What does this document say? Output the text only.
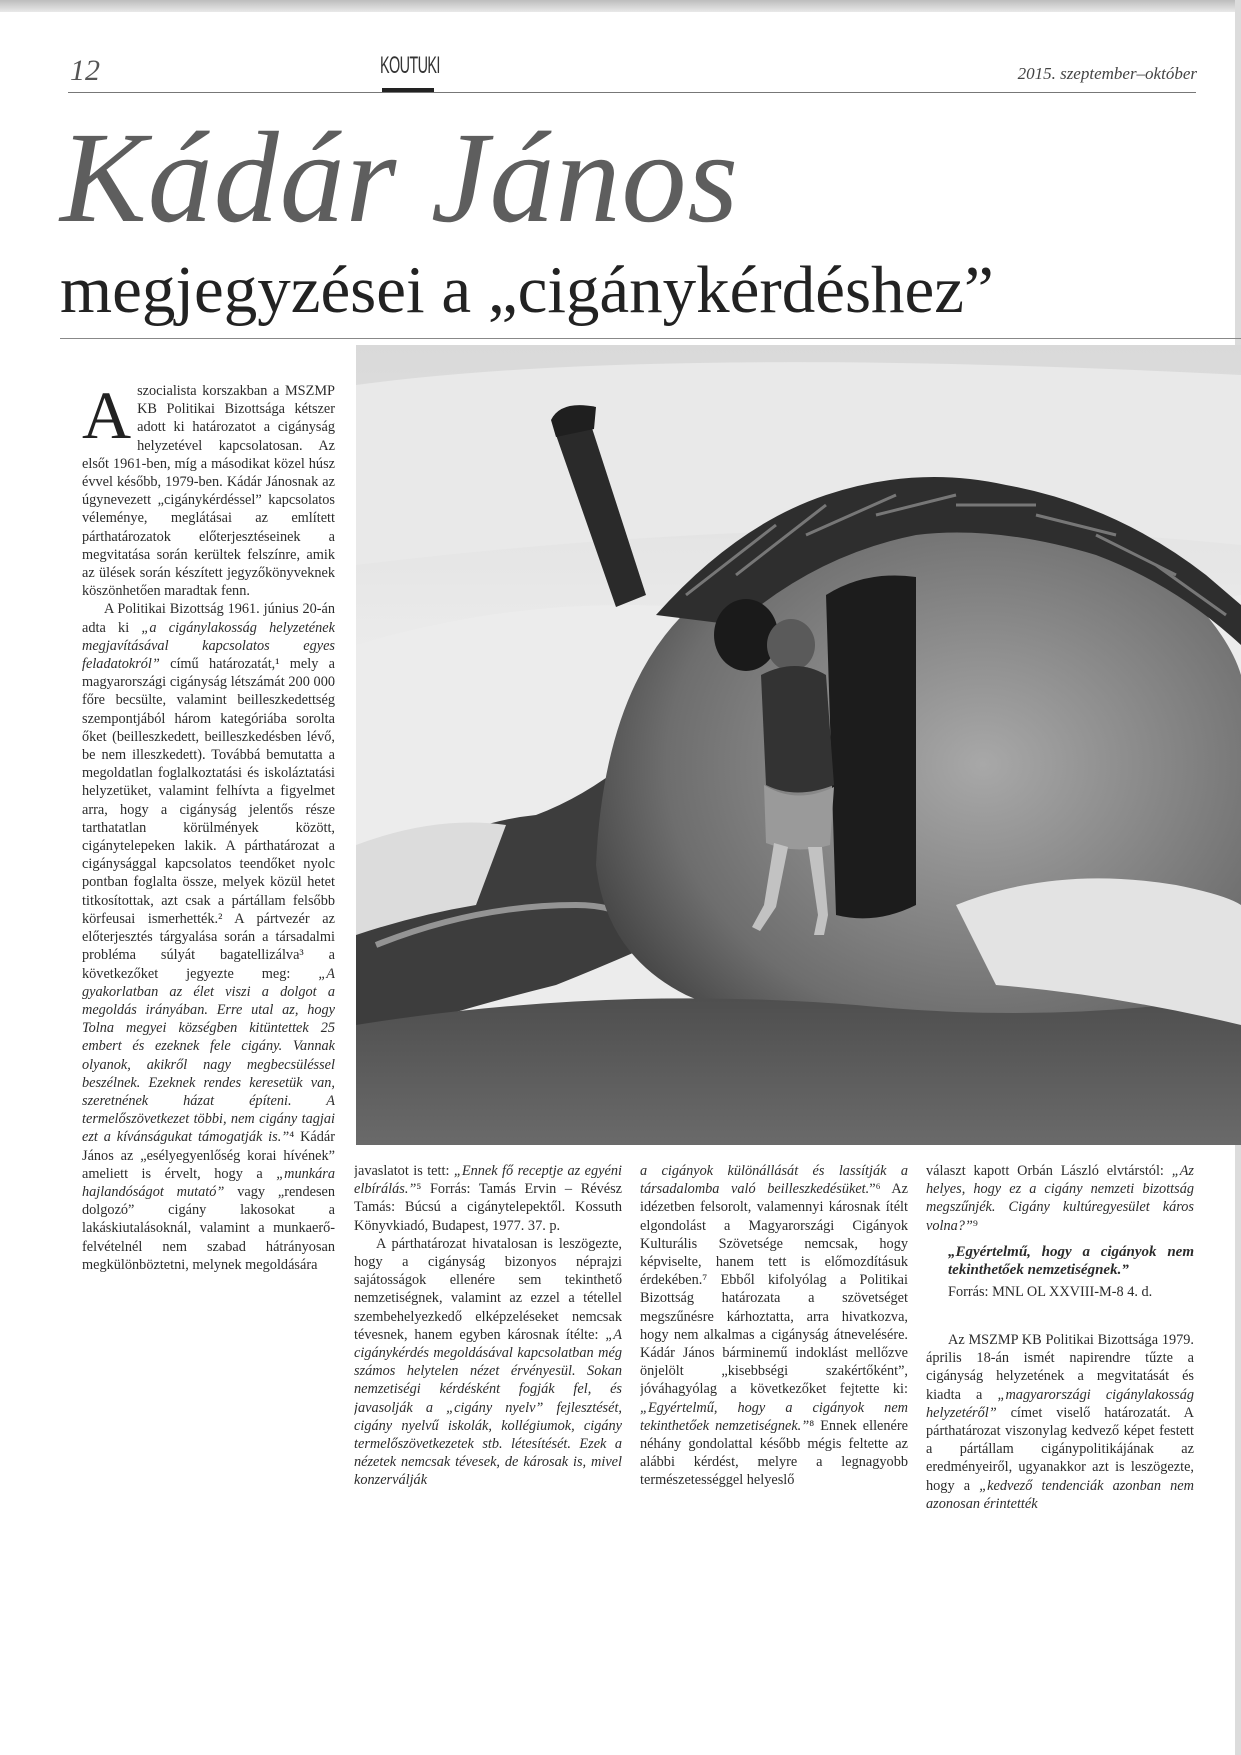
12	KOUTUKI	2015. szeptember–október
Kádár János
megjegyzései a „cigánykérdéshez”

Aszocialista korszakban a MSZMP KB Politikai Bizottsága kétszer adott ki határozatot a cigányság helyzetével kapcsolatosan. Az elsőt 1961-ben, míg a másodikat közel húsz évvel később, 1979-ben. Kádár Jánosnak az úgynevezett „cigánykérdéssel” kapcsolatos véleménye, meglátásai az említett párthatározatok előterjesztéseinek a megvitatása során kerültek felszínre, amik az ülések során készített jegyzőkönyveknek köszönhetően maradtak fenn.

A Politikai Bizottság 1961. június 20-án adta ki „a cigánylakosság helyzetének megjavításával kapcsolatos egyes feladatokról” című határozatát,¹ mely a magyarországi cigányság létszámát 200 000 főre becsülte, valamint beilleszkedettség szempontjából három kategóriába sorolta őket (beilleszkedett, beilleszkedésben lévő, be nem illeszkedett). Továbbá bemutatta a megoldatlan foglalkoztatási és iskoláztatási helyzetüket, valamint felhívta a figyelmet arra, hogy a cigányság jelentős része tarthatatlan körülmények között, cigánytelepeken lakik. A párthatározat a cigánysággal kapcsolatos teendőket nyolc pontban foglalta össze, melyek közül hetet titkosítottak, azt csak a pártállam felsőbb körfeusai ismerhették.² A pártvezér az előterjesztés tárgyalása során a társadalmi probléma súlyát bagatellizálva³ a következőket jegyezte meg: „A gyakorlatban az élet viszi a dolgot a megoldás irányában. Erre utal az, hogy Tolna megyei községben kitüntettek 25 embert és ezeknek fele cigány. Vannak olyanok, akikről nagy megbecsüléssel beszélnek. Ezeknek rendes keresetük van, szeretnének házat építeni. A termelőszövetkezet többi, nem cigány tagjai ezt a kívánságukat támogatják is.”⁴ Kádár János az „esélyegyenlőség korai hívének” ameliett is érvelt, hogy a „munkára hajlandóságot mutató” vagy „rendesen dolgozó” cigány lakosokat a lakáskiutalásoknál, valamint a munkaerő-felvételnél nem szabad hátrányosan megkülönböztetni, melynek megoldására

javaslatot is tett: „Ennek fő receptje az egyéni elbírálás.”⁵ Forrás: Tamás Ervin – Révész Tamás: Búcsú a cigánytelepektől. Kossuth Könyvkiadó, Budapest, 1977. 37. p.

A párthatározat hivatalosan is leszögezte, hogy a cigányság bizonyos néprajzi sajátosságok ellenére sem tekinthető nemzetiségnek, valamint az ezzel a tétellel szembehelyezkedő elképzeléseket nemcsak tévesnek, hanem egyben károsnak ítélte: „A cigánykérdés megoldásával kapcsolatban még számos helytelen nézet érvényesül. Sokan nemzetiségi kérdésként fogják fel, és javasolják a „cigány nyelv” fejlesztését, cigány nyelvű iskolák, kollégiumok, cigány termelőszövetkezetek stb. létesítését. Ezek a nézetek nemcsak tévesek, de károsak is, mivel konzerválják

a cigányok különállását és lassítják a társadalomba való beilleszkedésüket.”⁶ Az idézetben felsorolt, valamennyi károsnak ítélt elgondolást a Magyarországi Cigányok Kulturális Szövetsége nemcsak, hogy képviselte, hanem tett is előmozdításuk érdekében.⁷ Ebből kifolyólag a Politikai Bizottság határozata a szövetséget megszűnésre kárhoztatta, arra hivatkozva, hogy nem alkalmas a cigányság átnevelésére. Kádár János bárminemű indoklást mellőzve önjelölt „kisebbségi szakértőként”, jóváhagyólag a következőket fejtette ki: „Egyértelmű, hogy a cigányok nem tekinthetőek nemzetiségnek.”⁸ Ennek ellenére néhány gondolattal később mégis feltette az alábbi kérdést, melyre a legnagyobb természetességgel helyeslő

választ kapott Orbán László elvtárstól: „Az helyes, hogy ez a cigány nemzeti bizottság megszűnjék. Cigány kultúregyesület káros volna?”⁹

„Egyértelmű, hogy a cigányok nem tekinthetőek nemzetiségnek.”

Forrás: MNL OL XXVIII-M-8 4. d.

Az MSZMP KB Politikai Bizottsága 1979. április 18-án ismét napirendre tűzte a cigányság helyzetének a megvitatását és kiadta a „magyarországi cigánylakosság helyzetéről” címet viselő határozatát. A párthatározat viszonylag kedvező képet festett a pártállam cigánypolitikájának az eredményeiről, ugyanakkor azt is leszögezte, hogy a „kedvező tendenciák azonban nem azonosan érintették
